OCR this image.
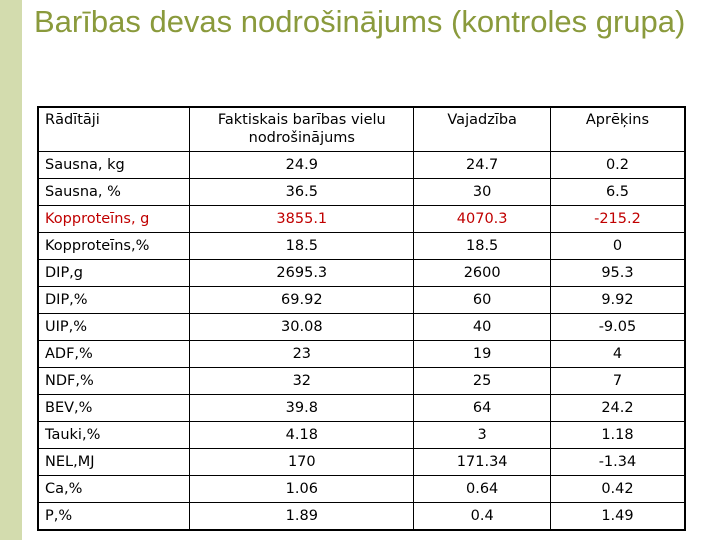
Barības devas nodrošinājums (kontroles grupa)
Rādītāji	Faktiskais barības vielu nodrošinājums	Vajadzība	Aprēķins
Sausna, kg	24.9	24.7	0.2
Sausna, %	36.5	30	6.5
Kopproteīns, g	3855.1	4070.3	-215.2
Kopproteīns,%	18.5	18.5	0
DIP,g	2695.3	2600	95.3
DIP,%	69.92	60	9.92
UIP,%	30.08	40	-9.05
ADF,%	23	19	4
NDF,%	32	25	7
BEV,%	39.8	64	24.2
Tauki,%	4.18	3	1.18
NEL,MJ	170	171.34	-1.34
Ca,%	1.06	0.64	0.42
P,%	1.89	0.4	1.49
